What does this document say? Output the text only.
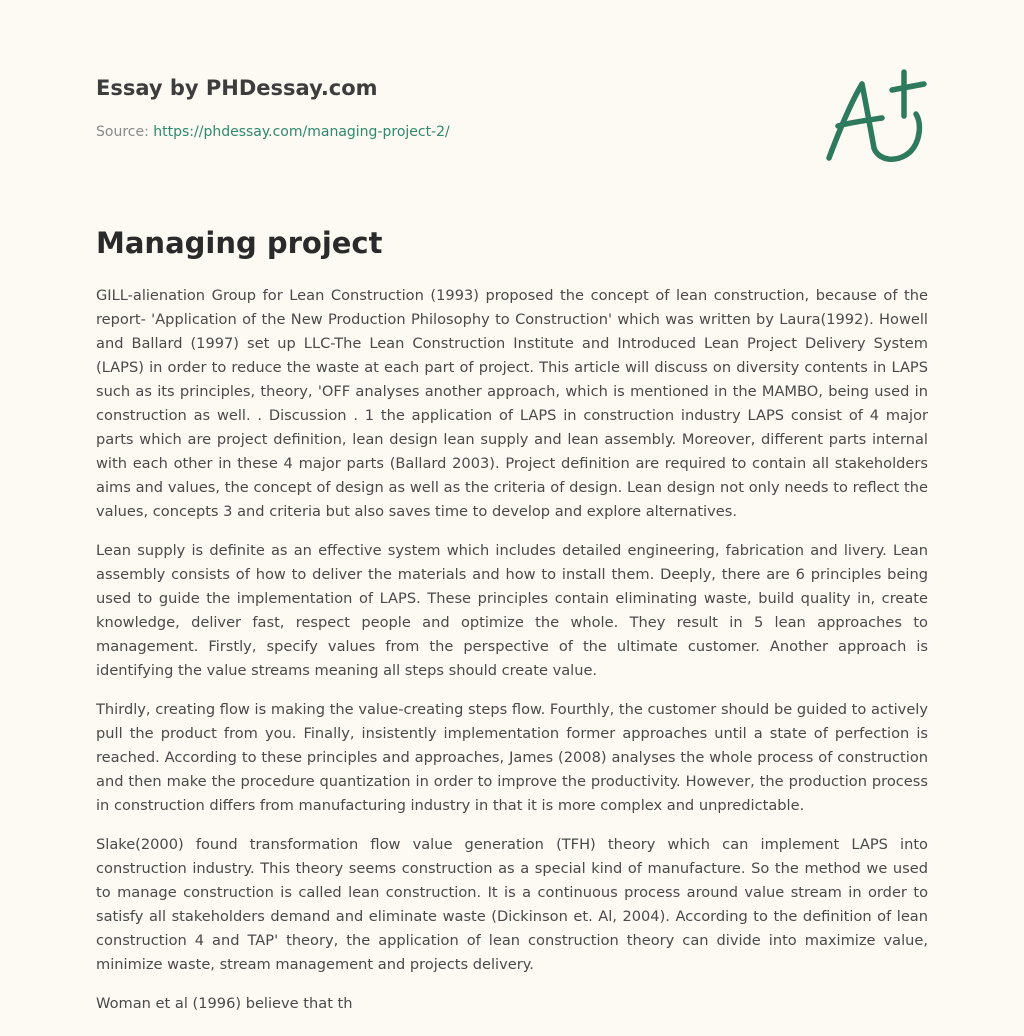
Essay by PHDessay.com
Source: https://phdessay.com/managing-project-2/
Managing project

GILL-alienation Group for Lean Construction (1993) proposed the concept of lean construction, because of the report- 'Application of the New Production Philosophy to Construction' which was written by Laura(1992). Howell and Ballard (1997) set up LLC-The Lean Construction Institute and Introduced Lean Project Delivery System (LAPS) in order to reduce the waste at each part of project. This article will discuss on diversity contents in LAPS such as its principles, theory, 'OFF analyses another approach, which is mentioned in the MAMBO, being used in construction as well. . Discussion . 1 the application of LAPS in construction industry LAPS consist of 4 major parts which are project definition, lean design lean supply and lean assembly. Moreover, different parts internal with each other in these 4 major parts (Ballard 2003). Project definition are required to contain all stakeholders aims and values, the concept of design as well as the criteria of design. Lean design not only needs to reflect the values, concepts 3 and criteria but also saves time to develop and explore alternatives.

Lean supply is definite as an effective system which includes detailed engineering, fabrication and livery. Lean assembly consists of how to deliver the materials and how to install them. Deeply, there are 6 principles being used to guide the implementation of LAPS. These principles contain eliminating waste, build quality in, create knowledge, deliver fast, respect people and optimize the whole. They result in 5 lean approaches to management. Firstly, specify values from the perspective of the ultimate customer. Another approach is identifying the value streams meaning all steps should create value.

Thirdly, creating flow is making the value-creating steps flow. Fourthly, the customer should be guided to actively pull the product from you. Finally, insistently implementation former approaches until a state of perfection is reached. According to these principles and approaches, James (2008) analyses the whole process of construction and then make the procedure quantization in order to improve the productivity. However, the production process in construction differs from manufacturing industry in that it is more complex and unpredictable.

Slake(2000) found transformation flow value generation (TFH) theory which can implement LAPS into construction industry. This theory seems construction as a special kind of manufacture. So the method we used to manage construction is called lean construction. It is a continuous process around value stream in order to satisfy all stakeholders demand and eliminate waste (Dickinson et. Al, 2004). According to the definition of lean construction 4 and TAP' theory, the application of lean construction theory can divide into maximize value, minimize waste, stream management and projects delivery.

Woman et al (1996) believe that th
